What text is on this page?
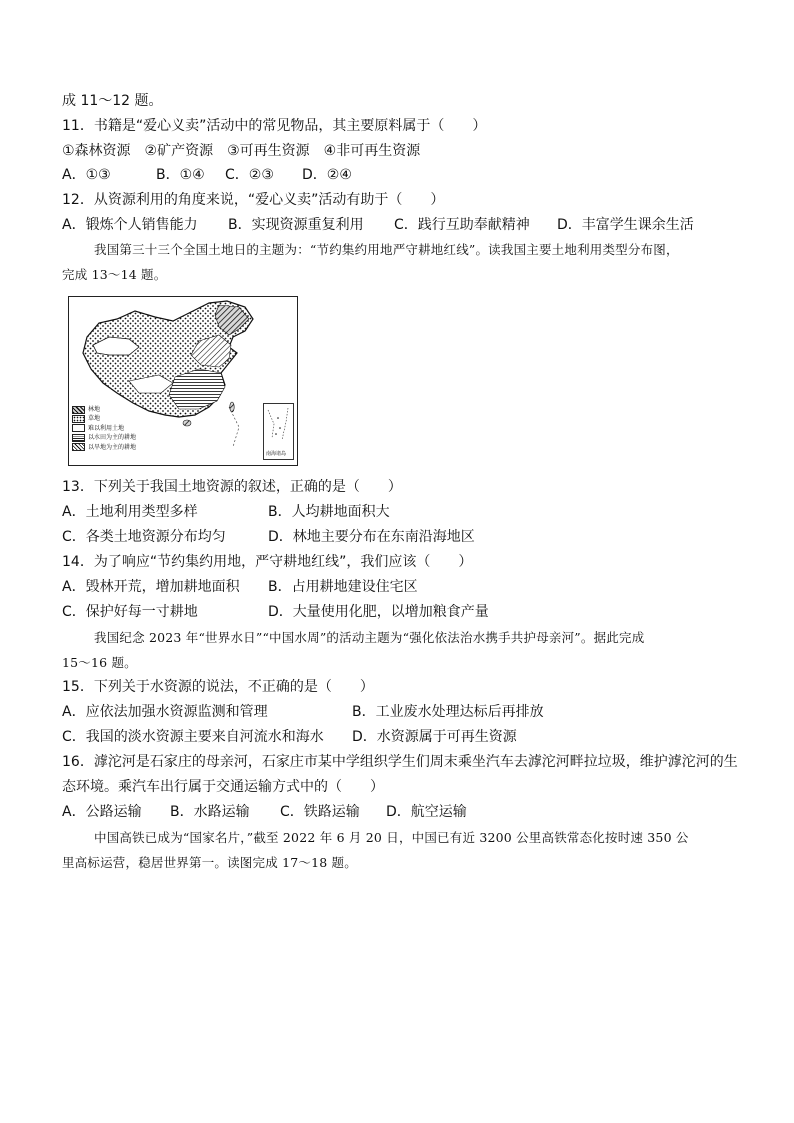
成 11～12 题。
11．书籍是“爱心义卖”活动中的常见物品，其主要原料属于（　　）
①森林资源　②矿产资源　③可再生资源　④非可再生资源
A．①③	B．①④ C．②③ D．②④
12．从资源利用的角度来说，“爱心义卖”活动有助于（　　）
A．锻炼个人销售能力 B．实现资源重复利用 C．践行互助奉献精神 D．丰富学生课余生活
我国第三十三个全国土地日的主题为：“节约集约用地严守耕地红线”。读我国主要土地利用类型分布图，
完成 13～14 题。
林地
草地
难以利用土地
以水田为主的耕地
以旱地为主的耕地
南海诸岛
13．下列关于我国土地资源的叙述，正确的是（　　）
A．土地利用类型多样	B．人均耕地面积大
C．各类土地资源分布均匀	D．林地主要分布在东南沿海地区
14．为了响应“节约集约用地，严守耕地红线”，我们应该（　　）
A．毁林开荒，增加耕地面积 B．占用耕地建设住宅区
C．保护好每一寸耕地	D．大量使用化肥，以增加粮食产量
我国纪念 2023 年“世界水日”“中国水周”的活动主题为“强化依法治水携手共护母亲河”。据此完成
15～16 题。
15．下列关于水资源的说法，不正确的是（　　）
A．应依法加强水资源监测和管理	B．工业废水处理达标后再排放
C．我国的淡水资源主要来自河流水和海水 D．水资源属于可再生资源
16．滹沱河是石家庄的母亲河，石家庄市某中学组织学生们周末乘坐汽车去滹沱河畔拉垃圾，维护滹沱河的生
态环境。乘汽车出行属于交通运输方式中的（　　）
A．公路运输 B．水路运输 C．铁路运输 D．航空运输
中国高铁已成为“国家名片，”截至 2022 年 6 月 20 日，中国已有近 3200 公里高铁常态化按时速 350 公
里高标运营，稳居世界第一。读图完成 17～18 题。
